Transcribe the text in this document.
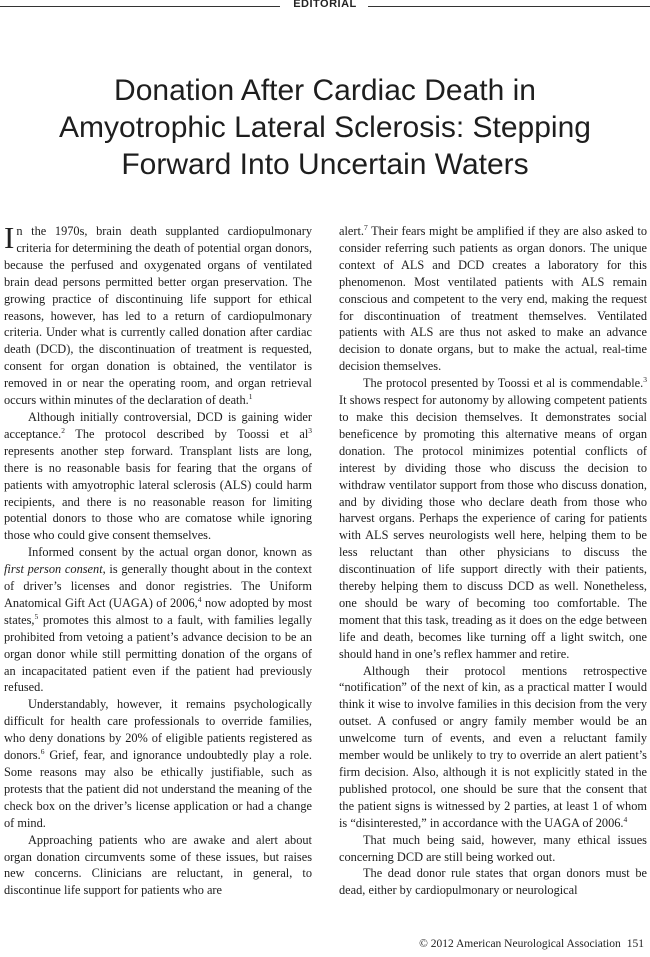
EDITORIAL
Donation After Cardiac Death in
Amyotrophic Lateral Sclerosis: Stepping
Forward Into Uncertain Waters

In the 1970s, brain death supplanted cardiopulmonary criteria for determining the death of potential organ donors, because the perfused and oxygenated organs of ventilated brain dead persons permitted better organ preservation. The growing practice of discontinuing life support for ethical reasons, however, has led to a return of cardiopulmonary criteria. Under what is currently called donation after cardiac death (DCD), the discontinuation of treatment is requested, consent for organ donation is obtained, the ventilator is removed in or near the operating room, and organ retrieval occurs within minutes of the declaration of death.$^1$

Although initially controversial, DCD is gaining wider acceptance.$^2$ The protocol described by Toossi et $al^3$ represents another step forward. Transplant lists are long, there is no reasonable basis for fearing that the organs of patients with amyotrophic lateral sclerosis (ALS) could harm recipients, and there is no reasonable reason for limiting potential donors to those who are comatose while ignoring those who could give consent themselves.

Informed consent by the actual organ donor, known as first person consent, is generally thought about in the context of driver’s licenses and donor registries. The Uniform Anatomical Gift Act (UAGA) of 2006,$^4$ now adopted by most states,$^5$ promotes this almost to a fault, with families legally prohibited from vetoing a patient’s advance decision to be an organ donor while still permitting donation of the organs of an incapacitated patient even if the patient had previously refused.

Understandably, however, it remains psychologically difficult for health care professionals to override families, who deny donations by 20% of eligible patients registered as donors.$^6$ Grief, fear, and ignorance undoubtedly play a role. Some reasons may also be ethically justifiable, such as protests that the patient did not understand the meaning of the check box on the driver’s license application or had a change of mind.

Approaching patients who are awake and alert about organ donation circumvents some of these issues, but raises new concerns. Clinicians are reluctant, in general, to discontinue life support for patients who are

alert.$^7$ Their fears might be amplified if they are also asked to consider referring such patients as organ donors. The unique context of ALS and DCD creates a laboratory for this phenomenon. Most ventilated patients with ALS remain conscious and competent to the very end, making the request for discontinuation of treatment themselves. Ventilated patients with ALS are thus not asked to make an advance decision to donate organs, but to make the actual, real-time decision themselves.

The protocol presented by Toossi et al is commendable.$^3$ It shows respect for autonomy by allowing competent patients to make this decision themselves. It demonstrates social beneficence by promoting this alternative means of organ donation. The protocol minimizes potential conflicts of interest by dividing those who discuss the decision to withdraw ventilator support from those who discuss donation, and by dividing those who declare death from those who harvest organs. Perhaps the experience of caring for patients with ALS serves neurologists well here, helping them to be less reluctant than other physicians to discuss the discontinuation of life support directly with their patients, thereby helping them to discuss DCD as well. Nonetheless, one should be wary of becoming too comfortable. The moment that this task, treading as it does on the edge between life and death, becomes like turning off a light switch, one should hand in one’s reflex hammer and retire.

Although their protocol mentions retrospective “notification” of the next of kin, as a practical matter I would think it wise to involve families in this decision from the very outset. A confused or angry family member would be an unwelcome turn of events, and even a reluctant family member would be unlikely to try to override an alert patient’s firm decision. Also, although it is not explicitly stated in the published protocol, one should be sure that the consent that the patient signs is witnessed by 2 parties, at least 1 of whom is “disinterested,” in accordance with the UAGA of 2006.$^4$

That much being said, however, many ethical issues concerning DCD are still being worked out.

The dead donor rule states that organ donors must be dead, either by cardiopulmonary or neurological

© 2012 American Neurological Association 151
